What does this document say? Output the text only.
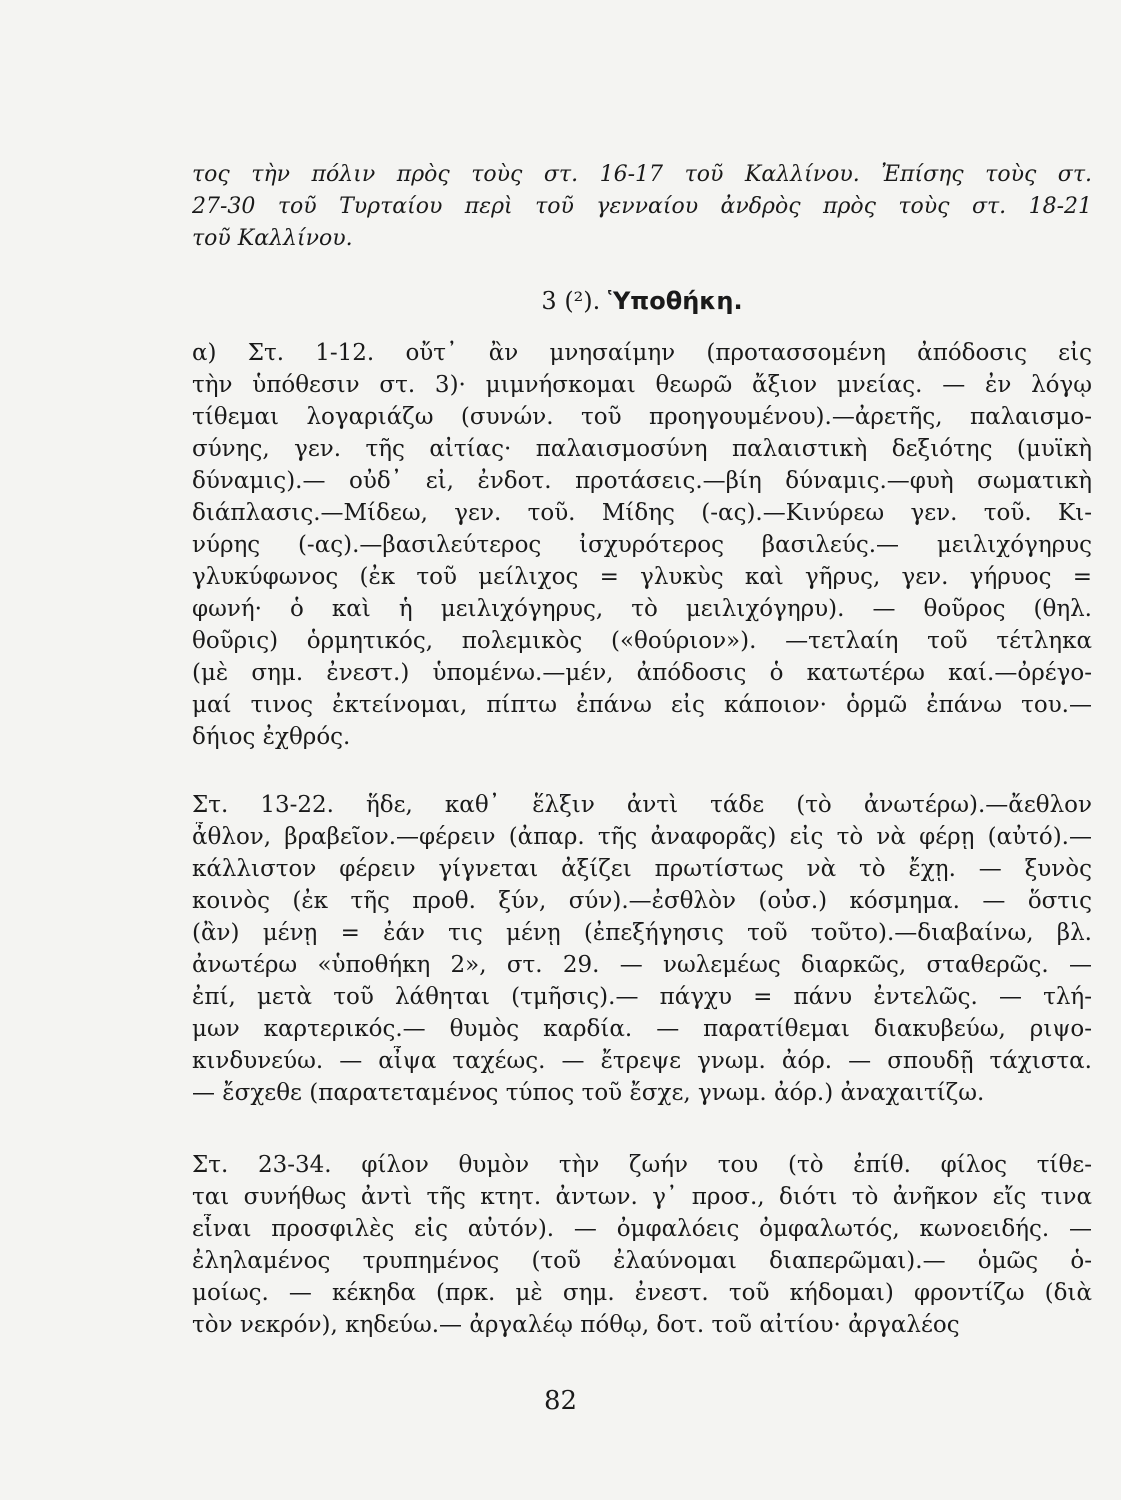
τος τὴν πόλιν πρὸς τοὺς στ. 16-17 τοῦ Καλλίνου. Ἐπίσης τοὺς στ.
27-30 τοῦ Τυρταίου περὶ τοῦ γενναίου ἀνδρὸς πρὸς τοὺς στ. 18-21
τοῦ Καλλίνου.
3 (²). Ὑποθήκη.
α) Στ. 1-12. οὔτ᾽ ἂν μνησαίμην (προτασσομένη ἀπόδοσις εἰς
τὴν ὑπόθεσιν στ. 3)· μιμνήσκομαι θεωρῶ ἄξιον μνείας. — ἐν λόγῳ
τίθεμαι λογαριάζω (συνών. τοῦ προηγουμένου).—ἀρετῆς, παλαισμο-
σύνης, γεν. τῆς αἰτίας· παλαισμοσύνη παλαιστικὴ δεξιότης (μυϊκὴ
δύναμις).— οὐδ᾽ εἰ, ἐνδοτ. προτάσεις.—βίη δύναμις.—φυὴ σωματικὴ
διάπλασις.—Μίδεω, γεν. τοῦ. Μίδης (-ας).—Κινύρεω γεν. τοῦ. Κι-
νύρης (-ας).—βασιλεύτερος ἰσχυρότερος βασιλεύς.— μειλιχόγηρυς
γλυκύφωνος (ἐκ τοῦ μείλιχος = γλυκὺς καὶ γῆρυς, γεν. γήρυος =
φωνή· ὁ καὶ ἡ μειλιχόγηρυς, τὸ μειλιχόγηρυ). — θοῦρος (θηλ.
θοῦρις) ὁρμητικός, πολεμικὸς («θούριον»). —τετλαίη τοῦ τέτληκα
(μὲ σημ. ἐνεστ.) ὑπομένω.—μέν, ἀπόδοσις ὁ κατωτέρω καί.—ὀρέγο-
μαί τινος ἐκτείνομαι, πίπτω ἐπάνω εἰς κάποιον· ὁρμῶ ἐπάνω του.—
δήιος ἐχθρός.
Στ. 13-22. ἥδε, καθ᾽ ἕλξιν ἀντὶ τάδε (τὸ ἀνωτέρω).—ἄεθλον
ἆθλον, βραβεῖον.—φέρειν (ἀπαρ. τῆς ἀναφορᾶς) εἰς τὸ νὰ φέρῃ (αὐτό).—
κάλλιστον φέρειν γίγνεται ἀξίζει πρωτίστως νὰ τὸ ἔχῃ. — ξυνὸς
κοινὸς (ἐκ τῆς προθ. ξύν, σύν).—ἐσθλὸν (οὐσ.) κόσμημα. — ὅστις
(ἂν) μένῃ = ἐάν τις μένῃ (ἐπεξήγησις τοῦ τοῦτο).—διαβαίνω, βλ.
ἀνωτέρω «ὑποθήκη 2», στ. 29. — νωλεμέως διαρκῶς, σταθερῶς. —
ἐπί, μετὰ τοῦ λάθηται (τμῆσις).— πάγχυ = πάνυ ἐντελῶς. — τλή-
μων καρτερικός.— θυμὸς καρδία. — παρατίθεμαι διακυβεύω, ριψο-
κινδυνεύω. — αἶψα ταχέως. — ἔτρεψε γνωμ. ἀόρ. — σπουδῇ τάχιστα.
— ἔσχεθε (παρατεταμένος τύπος τοῦ ἔσχε, γνωμ. ἀόρ.) ἀναχαιτίζω.
Στ. 23-34. φίλον θυμὸν τὴν ζωήν του (τὸ ἐπίθ. φίλος τίθε-
ται συνήθως ἀντὶ τῆς κτητ. ἀντων. γ᾽ προσ., διότι τὸ ἀνῆκον εἴς τινα
εἶναι προσφιλὲς εἰς αὐτόν). — ὀμφαλόεις ὀμφαλωτός, κωνοειδής. —
ἐληλαμένος τρυπημένος (τοῦ ἐλαύνομαι διαπερῶμαι).— ὁμῶς ὁ-
μοίως. — κέκηδα (πρκ. μὲ σημ. ἐνεστ. τοῦ κήδομαι) φροντίζω (διὰ
τὸν νεκρόν), κηδεύω.— ἀργαλέῳ πόθῳ, δοτ. τοῦ αἰτίου· ἀργαλέος
82
